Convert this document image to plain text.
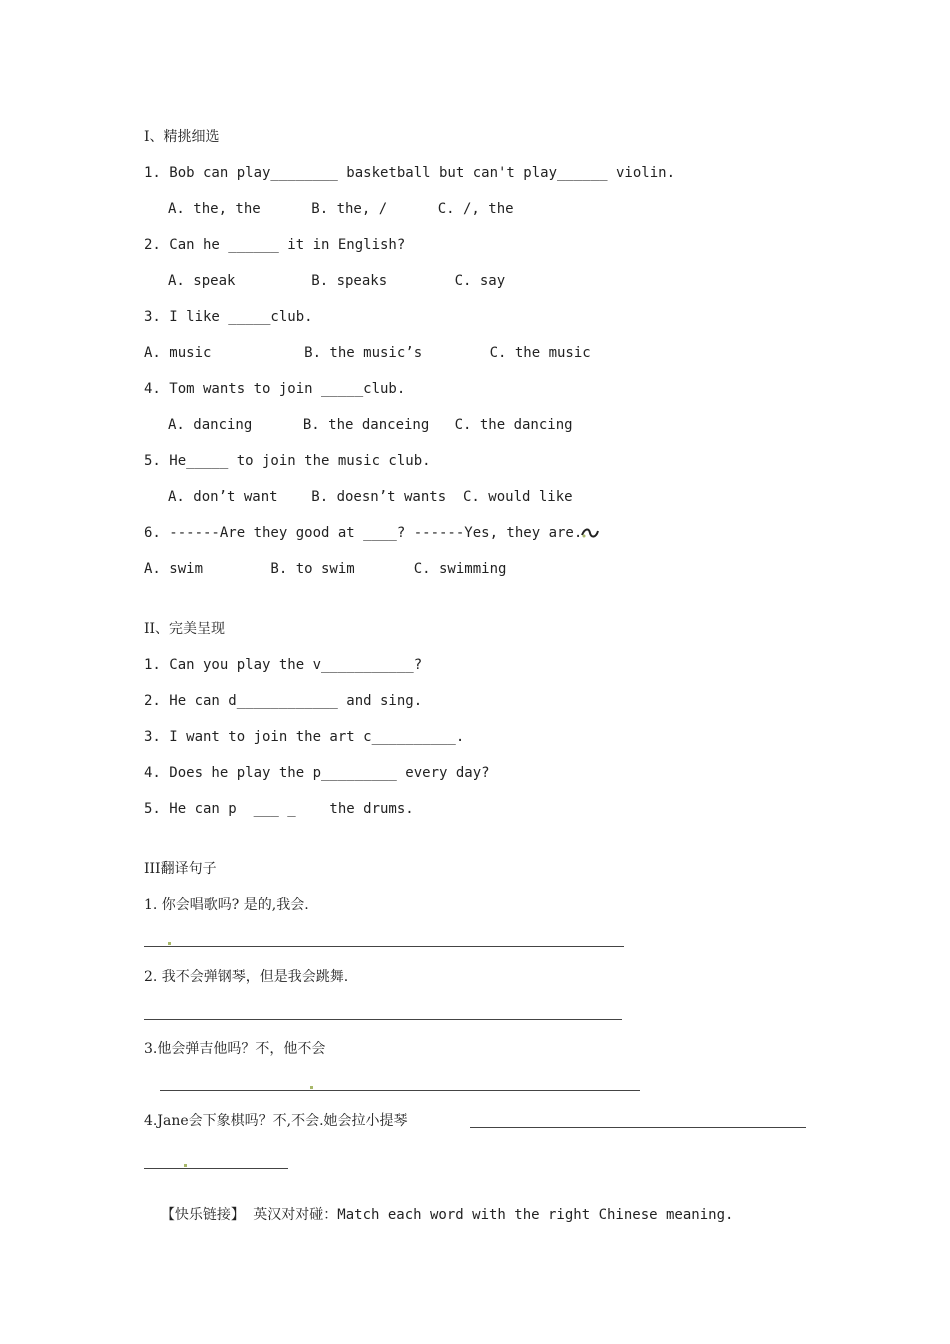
I、精挑细选
1. Bob can play________ basketball but can't play______ violin.
A. the, the      B. the, /      C. /, the
2. Can he ______ it in English?
A. speak         B. speaks        C. say
3. I like _____club.
A. music           B. the music’s        C. the music
4. Tom wants to join _____club.
A. dancing      B. the danceing   C. the dancing
5. He_____ to join the music club.
A. don’t want    B. doesn’t wants  C. would like
6. ------Are they good at ____? ------Yes, they are.
A. swim        B. to swim       C. swimming
II、完美呈现
1. Can you play the v___________?
2. He can d____________ and sing.
3. I want to join the art c__________.
4. Does he play the p_________ every day?
5. He can p  ___ _    the drums.
III翻译句子
1. 你会唱歌吗? 是的,我会.
2. 我不会弹钢琴，但是我会跳舞.
3.他会弹吉他吗？不，他不会
4.Jane会下象棋吗？不,不会.她会拉小提琴

【快乐链接】 英汉对对碰：Match each word with the right Chinese meaning.
